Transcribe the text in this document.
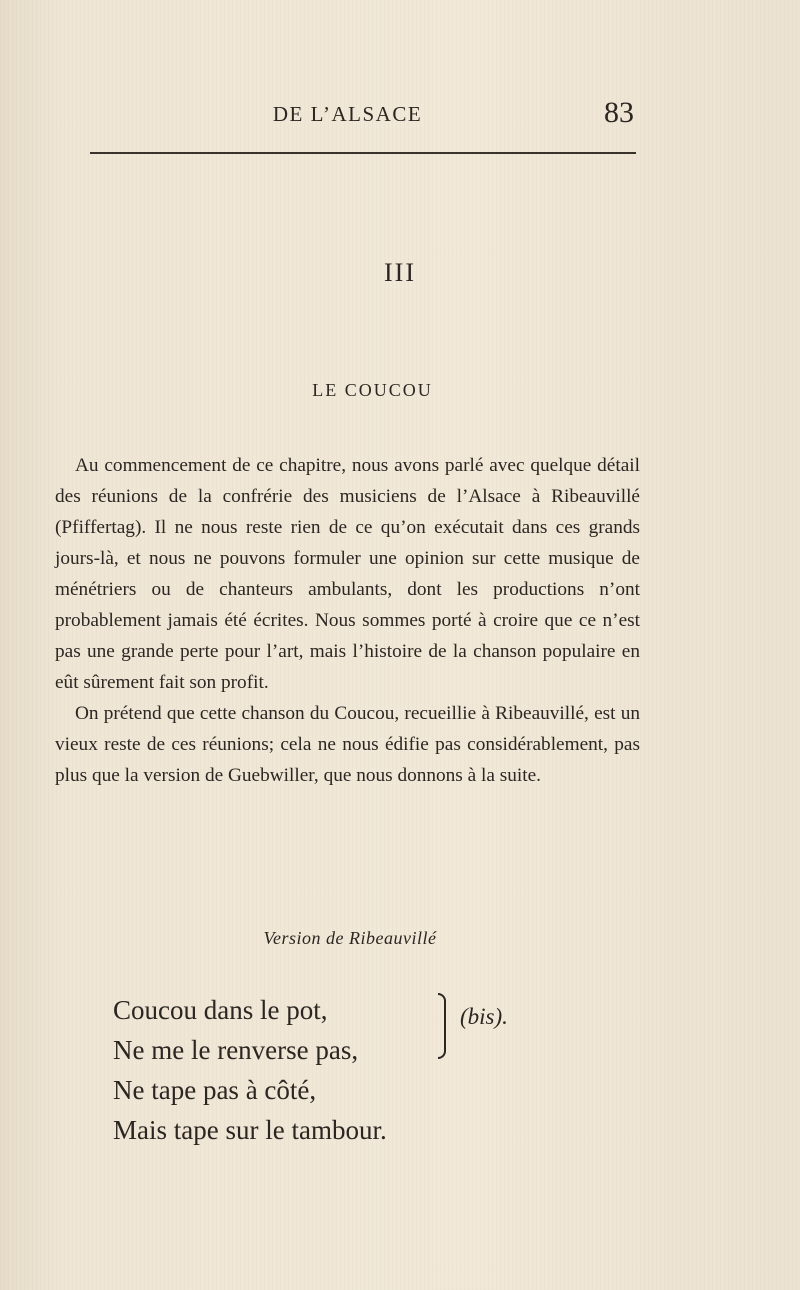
DE L’ALSACE	83
III
LE COUCOU

Au commencement de ce chapitre, nous avons parlé avec quelque détail des réunions de la confrérie des musiciens de l’Alsace à Ribeauvillé (Pfiffertag). Il ne nous reste rien de ce qu’on exécutait dans ces grands jours-là, et nous ne pouvons formuler une opinion sur cette musique de ménétriers ou de chanteurs ambulants, dont les productions n’ont probablement jamais été écrites. Nous sommes porté à croire que ce n’est pas une grande perte pour l’art, mais l’histoire de la chanson populaire en eût sûrement fait son profit.

On prétend que cette chanson du Coucou, recueillie à Ribeauvillé, est un vieux reste de ces réunions; cela ne nous édifie pas considérablement, pas plus que la version de Guebwiller, que nous donnons à la suite.

Version de Ribeauvillé
Coucou dans le pot,
Ne me le renverse pas,
Ne tape pas à côté,
Mais tape sur le tambour.
(bis).
